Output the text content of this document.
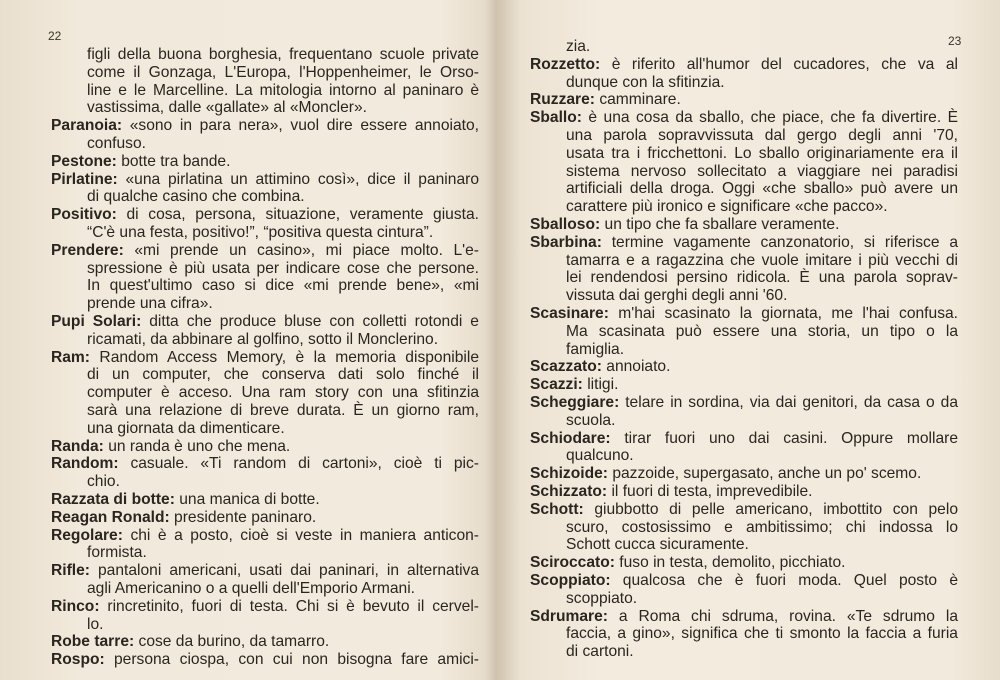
22
figli della buona borghesia, frequentano scuole private
come il Gonzaga, L'Europa, l'Hoppenheimer, le Orso-
line e le Marcelline. La mitologia intorno al paninaro è
vastissima, dalle «gallate» al «Moncler».
Paranoia: «sono in para nera», vuol dire essere annoiato,
confuso.
Pestone: botte tra bande.
Pirlatine: «una pirlatina un attimino così», dice il paninaro
di qualche casino che combina.
Positivo: di cosa, persona, situazione, veramente giusta.
“C'è una festa, positivo!”, “positiva questa cintura”.
Prendere: «mi prende un casino», mi piace molto. L'e-
spressione è più usata per indicare cose che persone.
In quest'ultimo caso si dice «mi prende bene», «mi
prende una cifra».
Pupi Solari: ditta che produce bluse con colletti rotondi e
ricamati, da abbinare al golfino, sotto il Monclerino.
Ram: Random Access Memory, è la memoria disponibile
di un computer, che conserva dati solo finché il
computer è acceso. Una ram story con una sfitinzia
sarà una relazione di breve durata. È un giorno ram,
una giornata da dimenticare.
Randa: un randa è uno che mena.
Random: casuale. «Ti random di cartoni», cioè ti pic-
chio.
Razzata di botte: una manica di botte.
Reagan Ronald: presidente paninaro.
Regolare: chi è a posto, cioè si veste in maniera anticon-
formista.
Rifle: pantaloni americani, usati dai paninari, in alternativa
agli Americanino o a quelli dell'Emporio Armani.
Rinco: rincretinito, fuori di testa. Chi si è bevuto il cervel-
lo.
Robe tarre: cose da burino, da tamarro.
Rospo: persona ciospa, con cui non bisogna fare amici-
23
zia.
Rozzetto: è riferito all'humor del cucadores, che va al
dunque con la sfitinzia.
Ruzzare: camminare.
Sballo: è una cosa da sballo, che piace, che fa divertire. È
una parola sopravvissuta dal gergo degli anni '70,
usata tra i fricchettoni. Lo sballo originariamente era il
sistema nervoso sollecitato a viaggiare nei paradisi
artificiali della droga. Oggi «che sballo» può avere un
carattere più ironico e significare «che pacco».
Sballoso: un tipo che fa sballare veramente.
Sbarbina: termine vagamente canzonatorio, si riferisce a
tamarra e a ragazzina che vuole imitare i più vecchi di
lei rendendosi persino ridicola. È una parola soprav-
vissuta dai gerghi degli anni '60.
Scasinare: m'hai scasinato la giornata, me l'hai confusa.
Ma scasinata può essere una storia, un tipo o la
famiglia.
Scazzato: annoiato.
Scazzi: litigi.
Scheggiare: telare in sordina, via dai genitori, da casa o da
scuola.
Schiodare: tirar fuori uno dai casini. Oppure mollare
qualcuno.
Schizoide: pazzoide, supergasato, anche un po' scemo.
Schizzato: il fuori di testa, imprevedibile.
Schott: giubbotto di pelle americano, imbottito con pelo
scuro, costosissimo e ambitissimo; chi indossa lo
Schott cucca sicuramente.
Sciroccato: fuso in testa, demolito, picchiato.
Scoppiato: qualcosa che è fuori moda. Quel posto è
scoppiato.
Sdrumare: a Roma chi sdruma, rovina. «Te sdrumo la
faccia, a gino», significa che ti smonto la faccia a furia
di cartoni.
